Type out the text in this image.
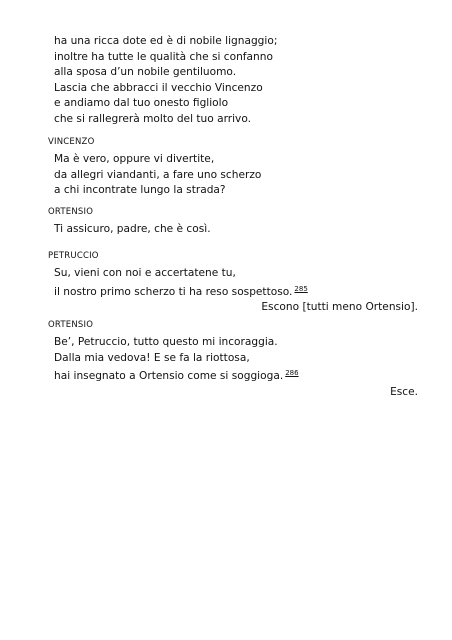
ha una ricca dote ed è di nobile lignaggio;
inoltre ha tutte le qualità che si confanno
alla sposa d’un nobile gentiluomo.
Lascia che abbracci il vecchio Vincenzo
e andiamo dal tuo onesto figliolo
che si rallegrerà molto del tuo arrivo.
VINCENZO
Ma è vero, oppure vi divertite,
da allegri viandanti, a fare uno scherzo
a chi incontrate lungo la strada?
ORTENSIO
Ti assicuro, padre, che è così.
PETRUCCIO
Su, vieni con noi e accertatene tu,
il nostro primo scherzo ti ha reso sospettoso. $^{285}$
Escono [tutti meno Ortensio].
ORTENSIO
Be’, Petruccio, tutto questo mi incoraggia.
Dalla mia vedova! E se fa la riottosa,
hai insegnato a Ortensio come si soggioga. $^{286}$
Esce.
